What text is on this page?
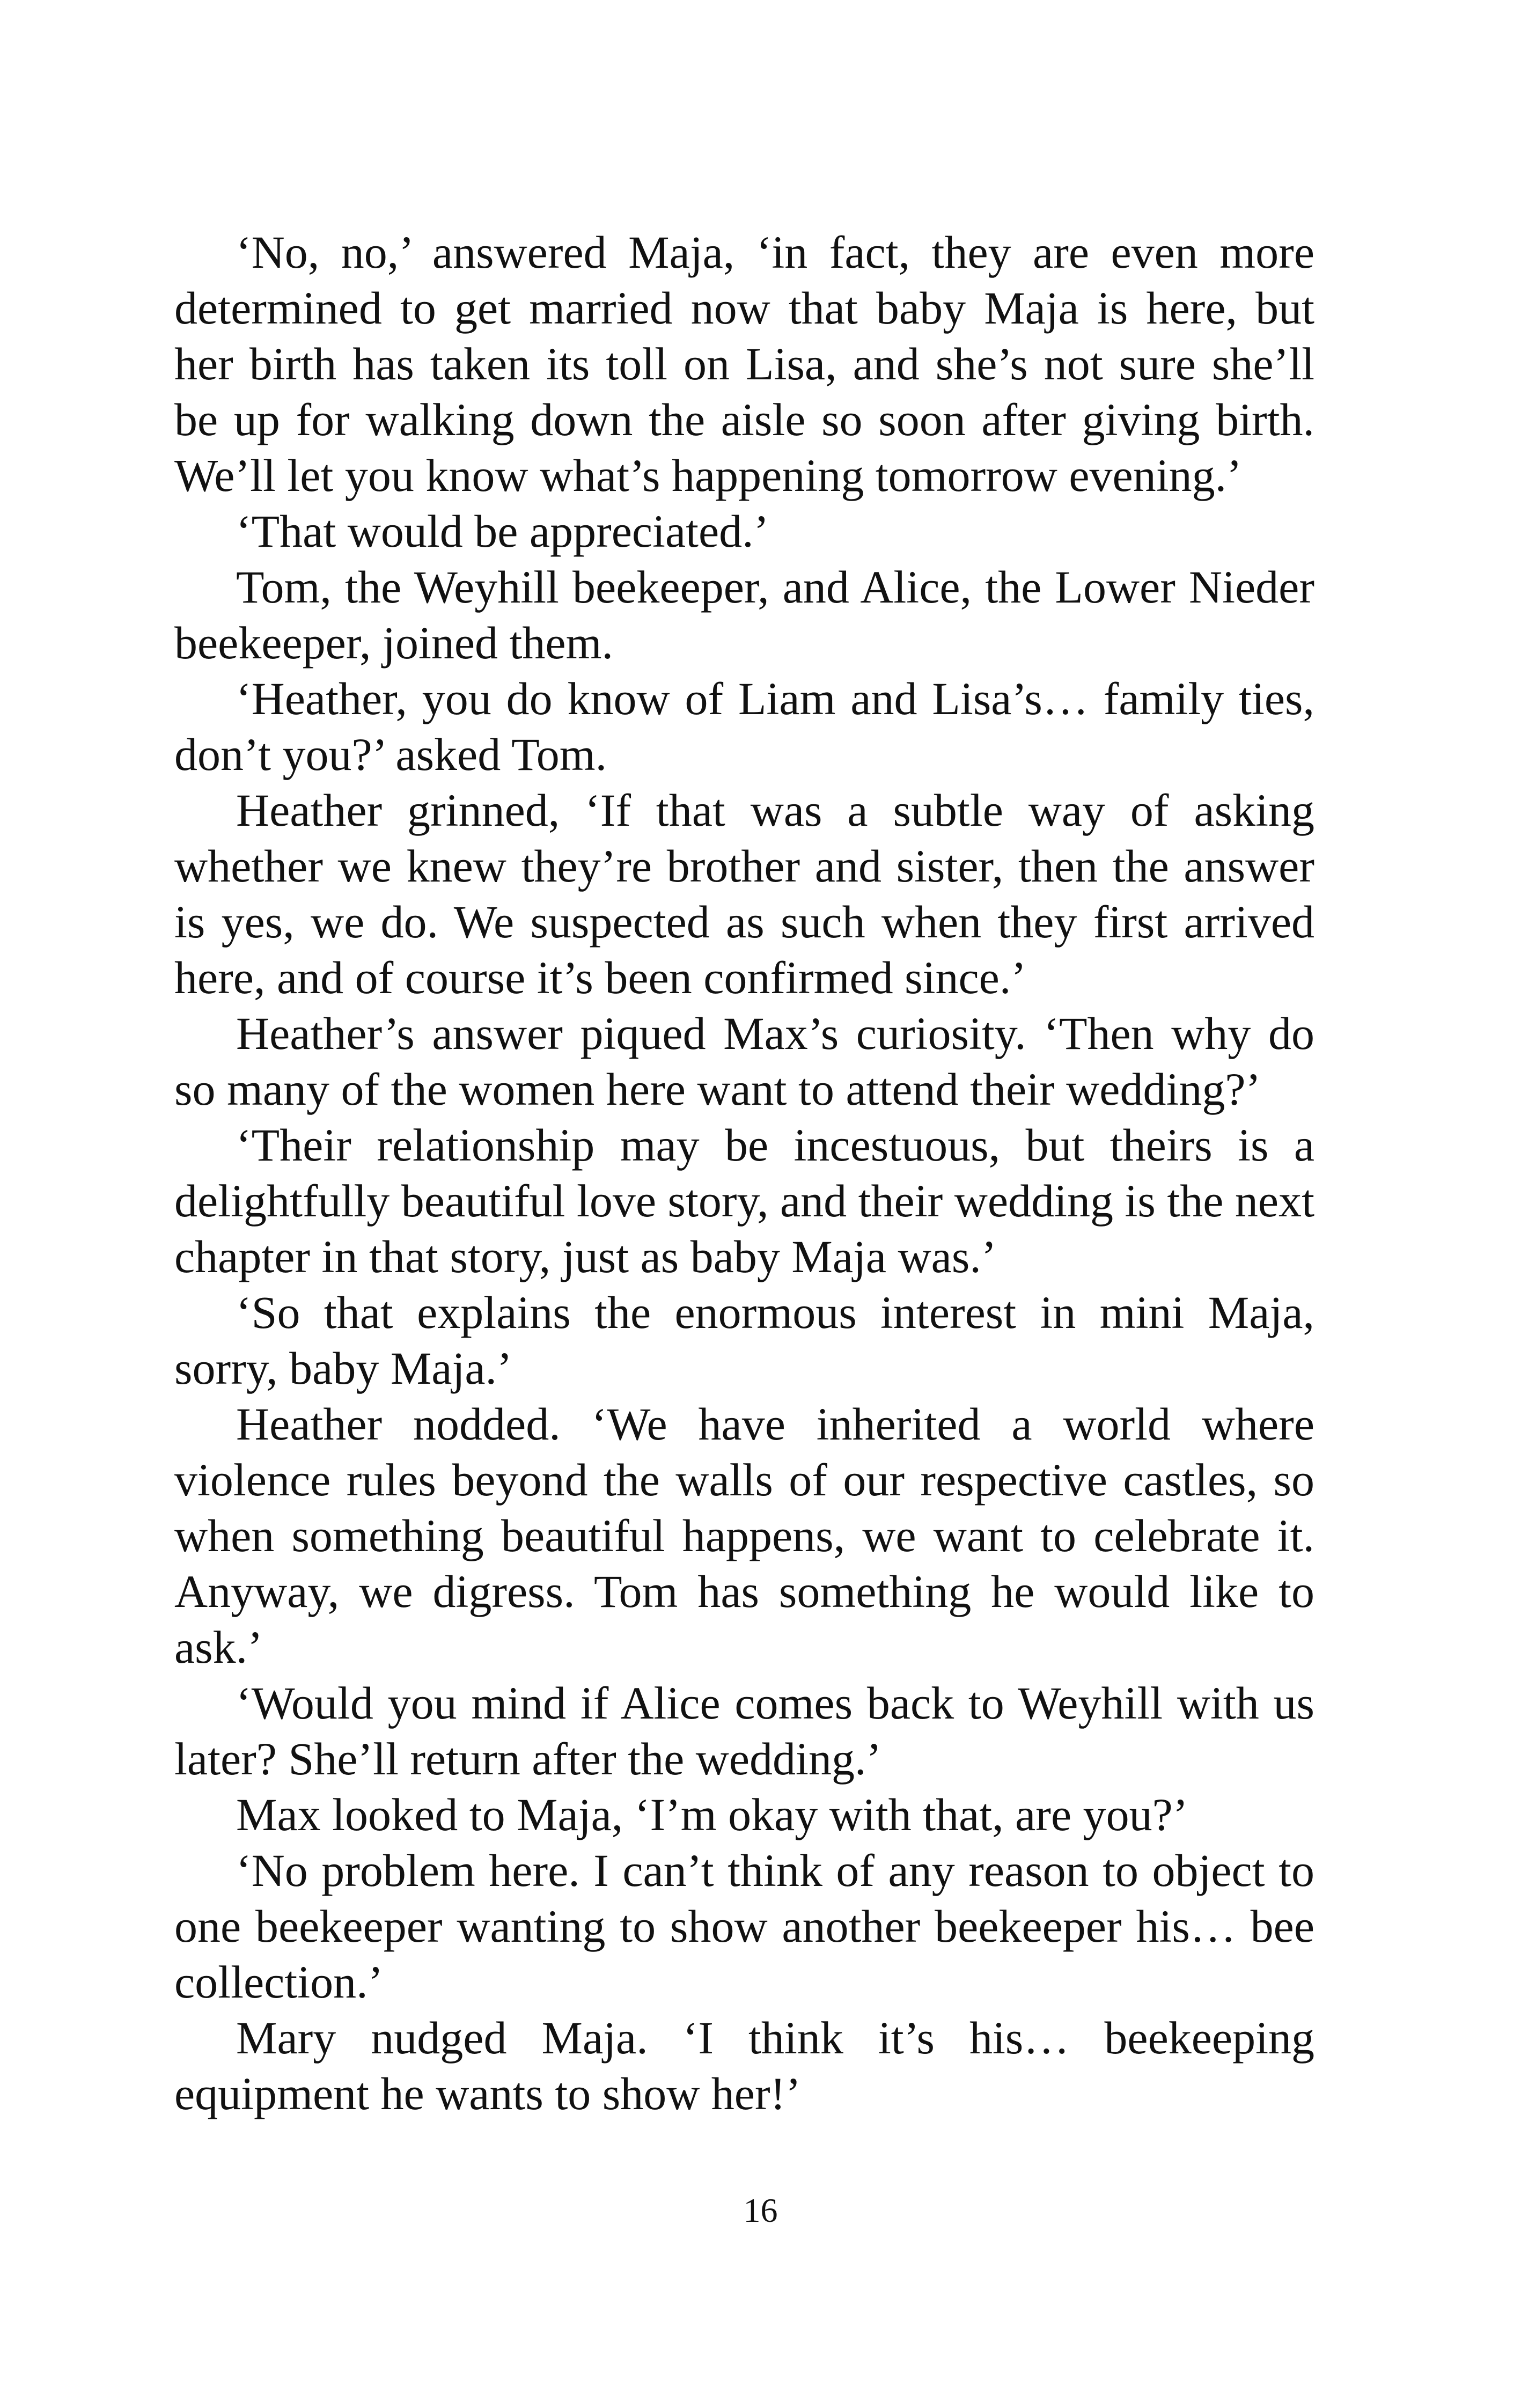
‘No, no,’ answered Maja, ‘in fact, they are even more determined to get married now that baby Maja is here, but her birth has taken its toll on Lisa, and she’s not sure she’ll be up for walking down the aisle so soon after giving birth. We’ll let you know what’s happening tomorrow evening.’

‘That would be appreciated.’

Tom, the Weyhill beekeeper, and Alice, the Lower Nieder beekeeper, joined them.

‘Heather, you do know of Liam and Lisa’s… family ties, don’t you?’ asked Tom.

Heather grinned, ‘If that was a subtle way of asking whether we knew they’re brother and sister, then the answer is yes, we do. We suspected as such when they first arrived here, and of course it’s been confirmed since.’

Heather’s answer piqued Max’s curiosity. ‘Then why do so many of the women here want to attend their wedding?’

‘Their relationship may be incestuous, but theirs is a delightfully beautiful love story, and their wedding is the next chapter in that story, just as baby Maja was.’

‘So that explains the enormous interest in mini Maja, sorry, baby Maja.’

Heather nodded. ‘We have inherited a world where violence rules beyond the walls of our respective castles, so when something beautiful happens, we want to celebrate it. Anyway, we digress. Tom has something he would like to ask.’

‘Would you mind if Alice comes back to Weyhill with us later? She’ll return after the wedding.’

Max looked to Maja, ‘I’m okay with that, are you?’

‘No problem here. I can’t think of any reason to object to one beekeeper wanting to show another beekeeper his… bee collection.’

Mary nudged Maja. ‘I think it’s his… beekeeping equipment he wants to show her!’

16
